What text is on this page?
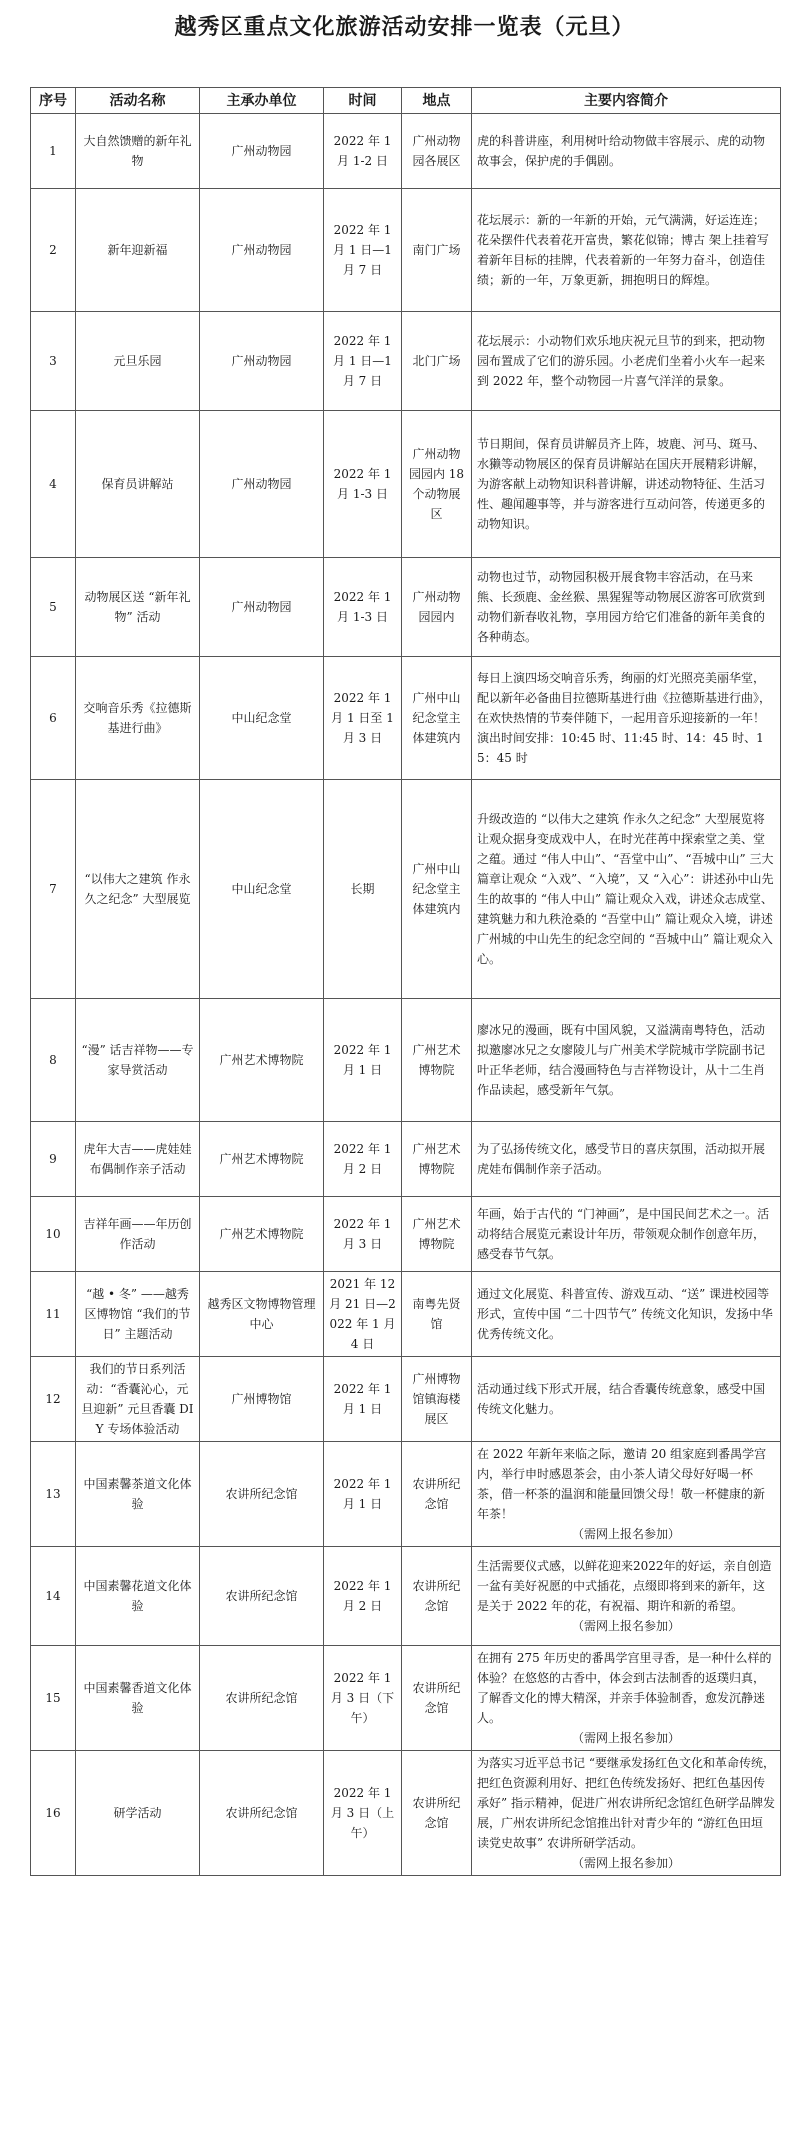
越秀区重点文化旅游活动安排一览表（元旦）
序号	活动名称	主承办单位	时间	地点	主要内容简介
1	大自然馈赠的新年礼物	广州动物园	2022 年 1 月 1-2 日	广州动物园各展区	虎的科普讲座，利用树叶给动物做丰容展示、虎的动物故事会，保护虎的手偶剧。
2	新年迎新福	广州动物园	2022 年 1 月 1 日—1 月 7 日	南门广场	花坛展示：新的一年新的开始，元气满满，好运连连；花朵摆件代表着花开富贵，繁花似锦；博古 架上挂着写着新年目标的挂牌，代表着新的一年努力奋斗，创造佳绩；新的一年，万象更新，拥抱明日的辉煌。
3	元旦乐园	广州动物园	2022 年 1 月 1 日—1 月 7 日	北门广场	花坛展示：小动物们欢乐地庆祝元旦节的到来，把动物园布置成了它们的游乐园。小老虎们坐着小火车一起来到 2022 年，整个动物园一片喜气洋洋的景象。
4	保育员讲解站	广州动物园	2022 年 1 月 1-3 日	广州动物园园内 18 个动物展区	节日期间，保育员讲解员齐上阵，坡鹿、河马、斑马、水獭等动物展区的保育员讲解站在国庆开展精彩讲解，为游客献上动物知识科普讲解，讲述动物特征、生活习性、趣闻趣事等，并与游客进行互动问答，传递更多的动物知识。
5	动物展区送 “新年礼物” 活动	广州动物园	2022 年 1 月 1-3 日	广州动物园园内	动物也过节，动物园积极开展食物丰容活动，在马来熊、长颈鹿、金丝猴、黑猩猩等动物展区游客可欣赏到动物们新春收礼物，享用园方给它们准备的新年美食的各种萌态。
6	交响音乐秀《拉德斯基进行曲》	中山纪念堂	2022 年 1 月 1 日至 1 月 3 日	广州中山纪念堂主体建筑内	每日上演四场交响音乐秀，绚丽的灯光照亮美丽华堂，配以新年必备曲目拉德斯基进行曲《拉德斯基进行曲》，在欢快热情的节奏伴随下，一起用音乐迎接新的一年！演出时间安排：10:45 时、11:45 时、14：45 时、15：45 时
7	“以伟大之建筑 作永久之纪念” 大型展览	中山纪念堂	长期	广州中山纪念堂主体建筑内	升级改造的 “以伟大之建筑 作永久之纪念” 大型展览将让观众据身变成戏中人，在时光荏苒中探索堂之美、堂之蕴。通过 “伟人中山”、“吾堂中山”、“吾城中山” 三大篇章让观众 “入戏”、“入境”，又 “入心”：讲述孙中山先生的故事的 “伟人中山” 篇让观众入戏，讲述众志成堂、建筑魅力和九秩沧桑的 “吾堂中山” 篇让观众入境，讲述广州城的中山先生的纪念空间的 “吾城中山” 篇让观众入心。
8	“漫” 话吉祥物——专家导赏活动	广州艺术博物院	2022 年 1 月 1 日	广州艺术博物院	廖冰兄的漫画，既有中国风貌，又溢满南粤特色，活动拟邀廖冰兄之女廖陵儿与广州美术学院城市学院副书记叶正华老师，结合漫画特色与吉祥物设计，从十二生肖作品读起，感受新年气氛。
9	虎年大吉——虎娃娃布偶制作亲子活动	广州艺术博物院	2022 年 1 月 2 日	广州艺术博物院	为了弘扬传统文化，感受节日的喜庆氛围，活动拟开展虎娃布偶制作亲子活动。
10	吉祥年画——年历创作活动	广州艺术博物院	2022 年 1 月 3 日	广州艺术博物院	年画，始于古代的 “门神画”，是中国民间艺术之一。活动将结合展览元素设计年历，带领观众制作创意年历，感受春节气氛。
11	“越 • 冬” ——越秀区博物馆 “我们的节日” 主题活动	越秀区文物博物管理中心	2021 年 12 月 21 日—2022 年 1 月 4 日	南粤先贤馆	通过文化展览、科普宣传、游戏互动、“送” 课进校园等形式，宣传中国 “二十四节气” 传统文化知识，发扬中华优秀传统文化。
12	我们的节日系列活动：“香囊沁心，元旦迎新” 元旦香囊 DIY 专场体验活动	广州博物馆	2022 年 1 月 1 日	广州博物馆镇海楼展区	活动通过线下形式开展，结合香囊传统意象，感受中国传统文化魅力。
13	中国素馨茶道文化体验	农讲所纪念馆	2022 年 1 月 1 日	农讲所纪念馆	在 2022 年新年来临之际，邀请 20 组家庭到番禺学宫内，举行申时感恩茶会，由小茶人请父母好好喝一杯茶，借一杯茶的温润和能量回馈父母！敬一杯健康的新年茶！
（需网上报名参加）

14	中国素馨花道文化体验	农讲所纪念馆	2022 年 1 月 2 日	农讲所纪念馆	生活需要仪式感，以鲜花迎来2022年的好运，亲自创造一盆有美好祝愿的中式插花，点缀即将到来的新年，这是关于 2022 年的花，有祝福、期许和新的希望。
（需网上报名参加）

15	中国素馨香道文化体验	农讲所纪念馆	2022 年 1 月 3 日（下午）	农讲所纪念馆	在拥有 275 年历史的番禺学宫里寻香，是一种什么样的体验？在悠悠的古香中，体会到古法制香的返璞归真，了解香文化的博大精深，并亲手体验制香，愈发沉静迷人。
（需网上报名参加）

16	研学活动	农讲所纪念馆	2022 年 1 月 3 日（上午）	农讲所纪念馆	为落实习近平总书记 “要继承发扬红色文化和革命传统，把红色资源利用好、把红色传统发扬好、把红色基因传承好” 指示精神，促进广州农讲所纪念馆红色研学品牌发展，广州农讲所纪念馆推出针对青少年的 “游红色田垣 读党史故事” 农讲所研学活动。
（需网上报名参加）
